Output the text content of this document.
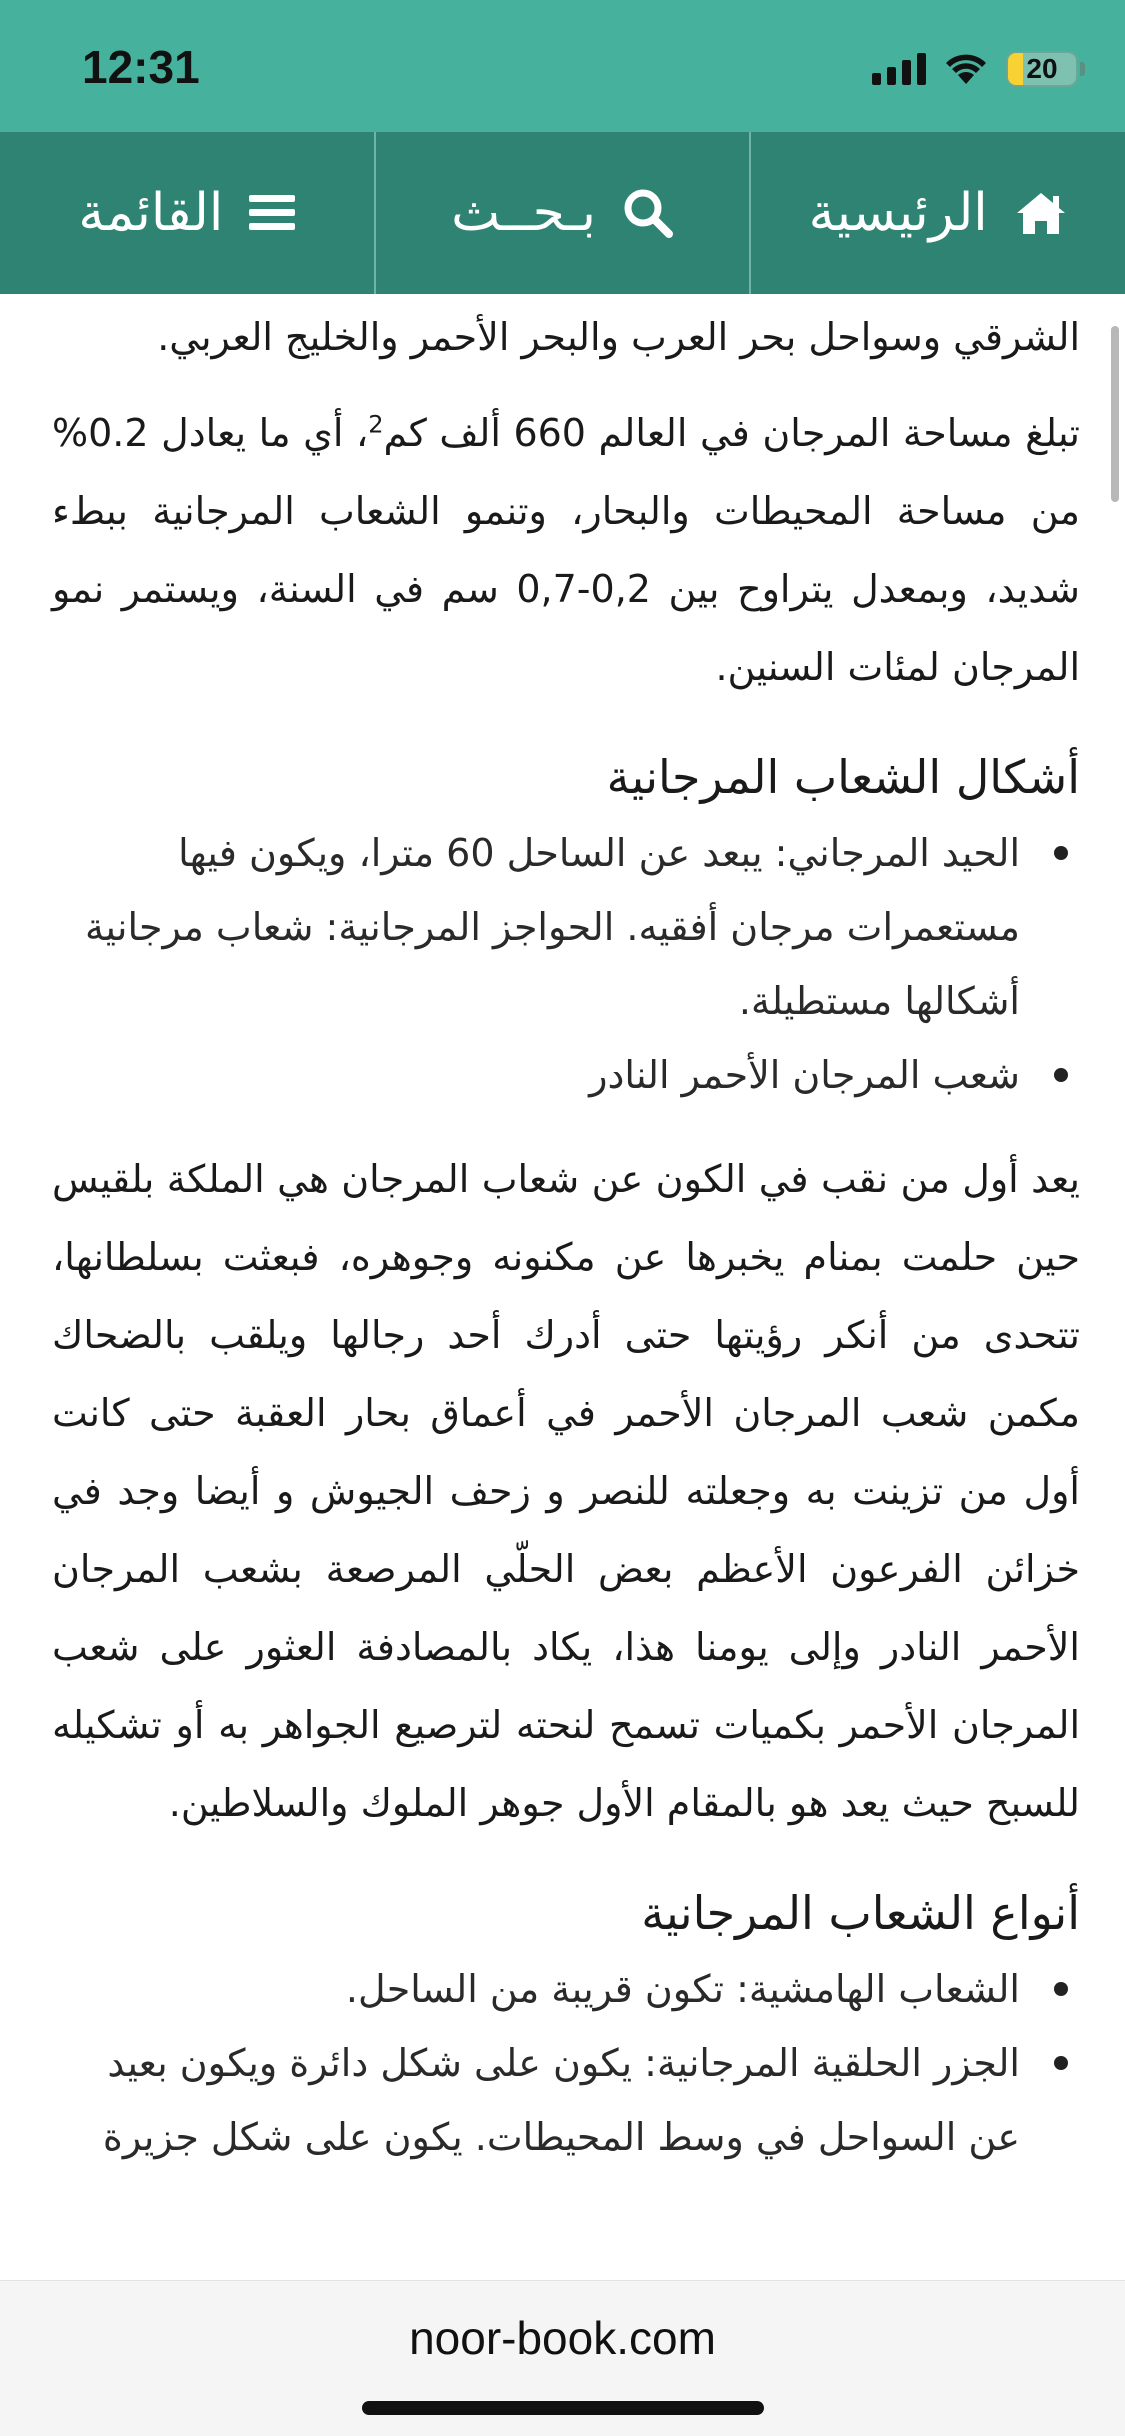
12:31	20
القائمة	بـحــث	الرئيسية

الشرقي وسواحل بحر العرب والبحر الأحمر والخليج العربي.

تبلغ مساحة المرجان في العالم 660 ألف كم$^2$، أي ما يعادل 0.2% من مساحة المحيطات والبحار، وتنمو الشعاب المرجانية ببطء شديد، وبمعدل يتراوح بين 0,2-0,7 سم في السنة، ويستمر نمو المرجان لمئات السنين.

أشكال الشعاب المرجانية
الحيد المرجاني: يبعد عن الساحل 60 مترا، ويكون فيها مستعمرات مرجان أفقيه. الحواجز المرجانية: شعاب مرجانية أشكالها مستطيلة.
شعب المرجان الأحمر النادر

يعد أول من نقب في الكون عن شعاب المرجان هي الملكة بلقيس حين حلمت بمنام يخبرها عن مكنونه وجوهره، فبعثت بسلطانها، تتحدى من أنكر رؤيتها حتى أدرك أحد رجالها ويلقب بالضحاك مكمن شعب المرجان الأحمر في أعماق بحار العقبة حتى كانت أول من تزينت به وجعلته للنصر و زحف الجيوش و أيضا وجد في خزائن الفرعون الأعظم بعض الحلّي المرصعة بشعب المرجان الأحمر النادر وإلى يومنا هذا، يكاد بالمصادفة العثور على شعب المرجان الأحمر بكميات تسمح لنحته لترصيع الجواهر به أو تشكيله للسبح حيث يعد هو بالمقام الأول جوهر الملوك والسلاطين.

أنواع الشعاب المرجانية
الشعاب الهامشية: تكون قريبة من الساحل.
الجزر الحلقية المرجانية: يكون على شكل دائرة ويكون بعيد عن السواحل في وسط المحيطات. يكون على شكل جزيرة
noor-book.com
